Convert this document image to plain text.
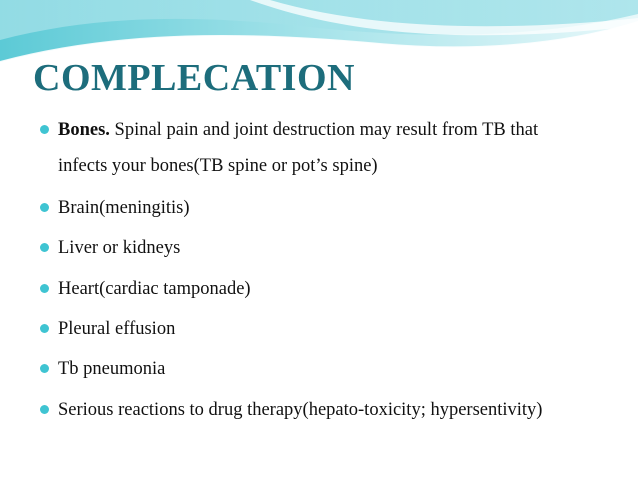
COMPLECATION
Bones. Spinal pain and joint destruction may result from TB that
infects your bones(TB spine or pot’s spine)
Brain(meningitis)
Liver or kidneys
Heart(cardiac tamponade)
Pleural effusion
Tb pneumonia
Serious reactions to drug therapy(hepato-toxicity; hypersentivity)
